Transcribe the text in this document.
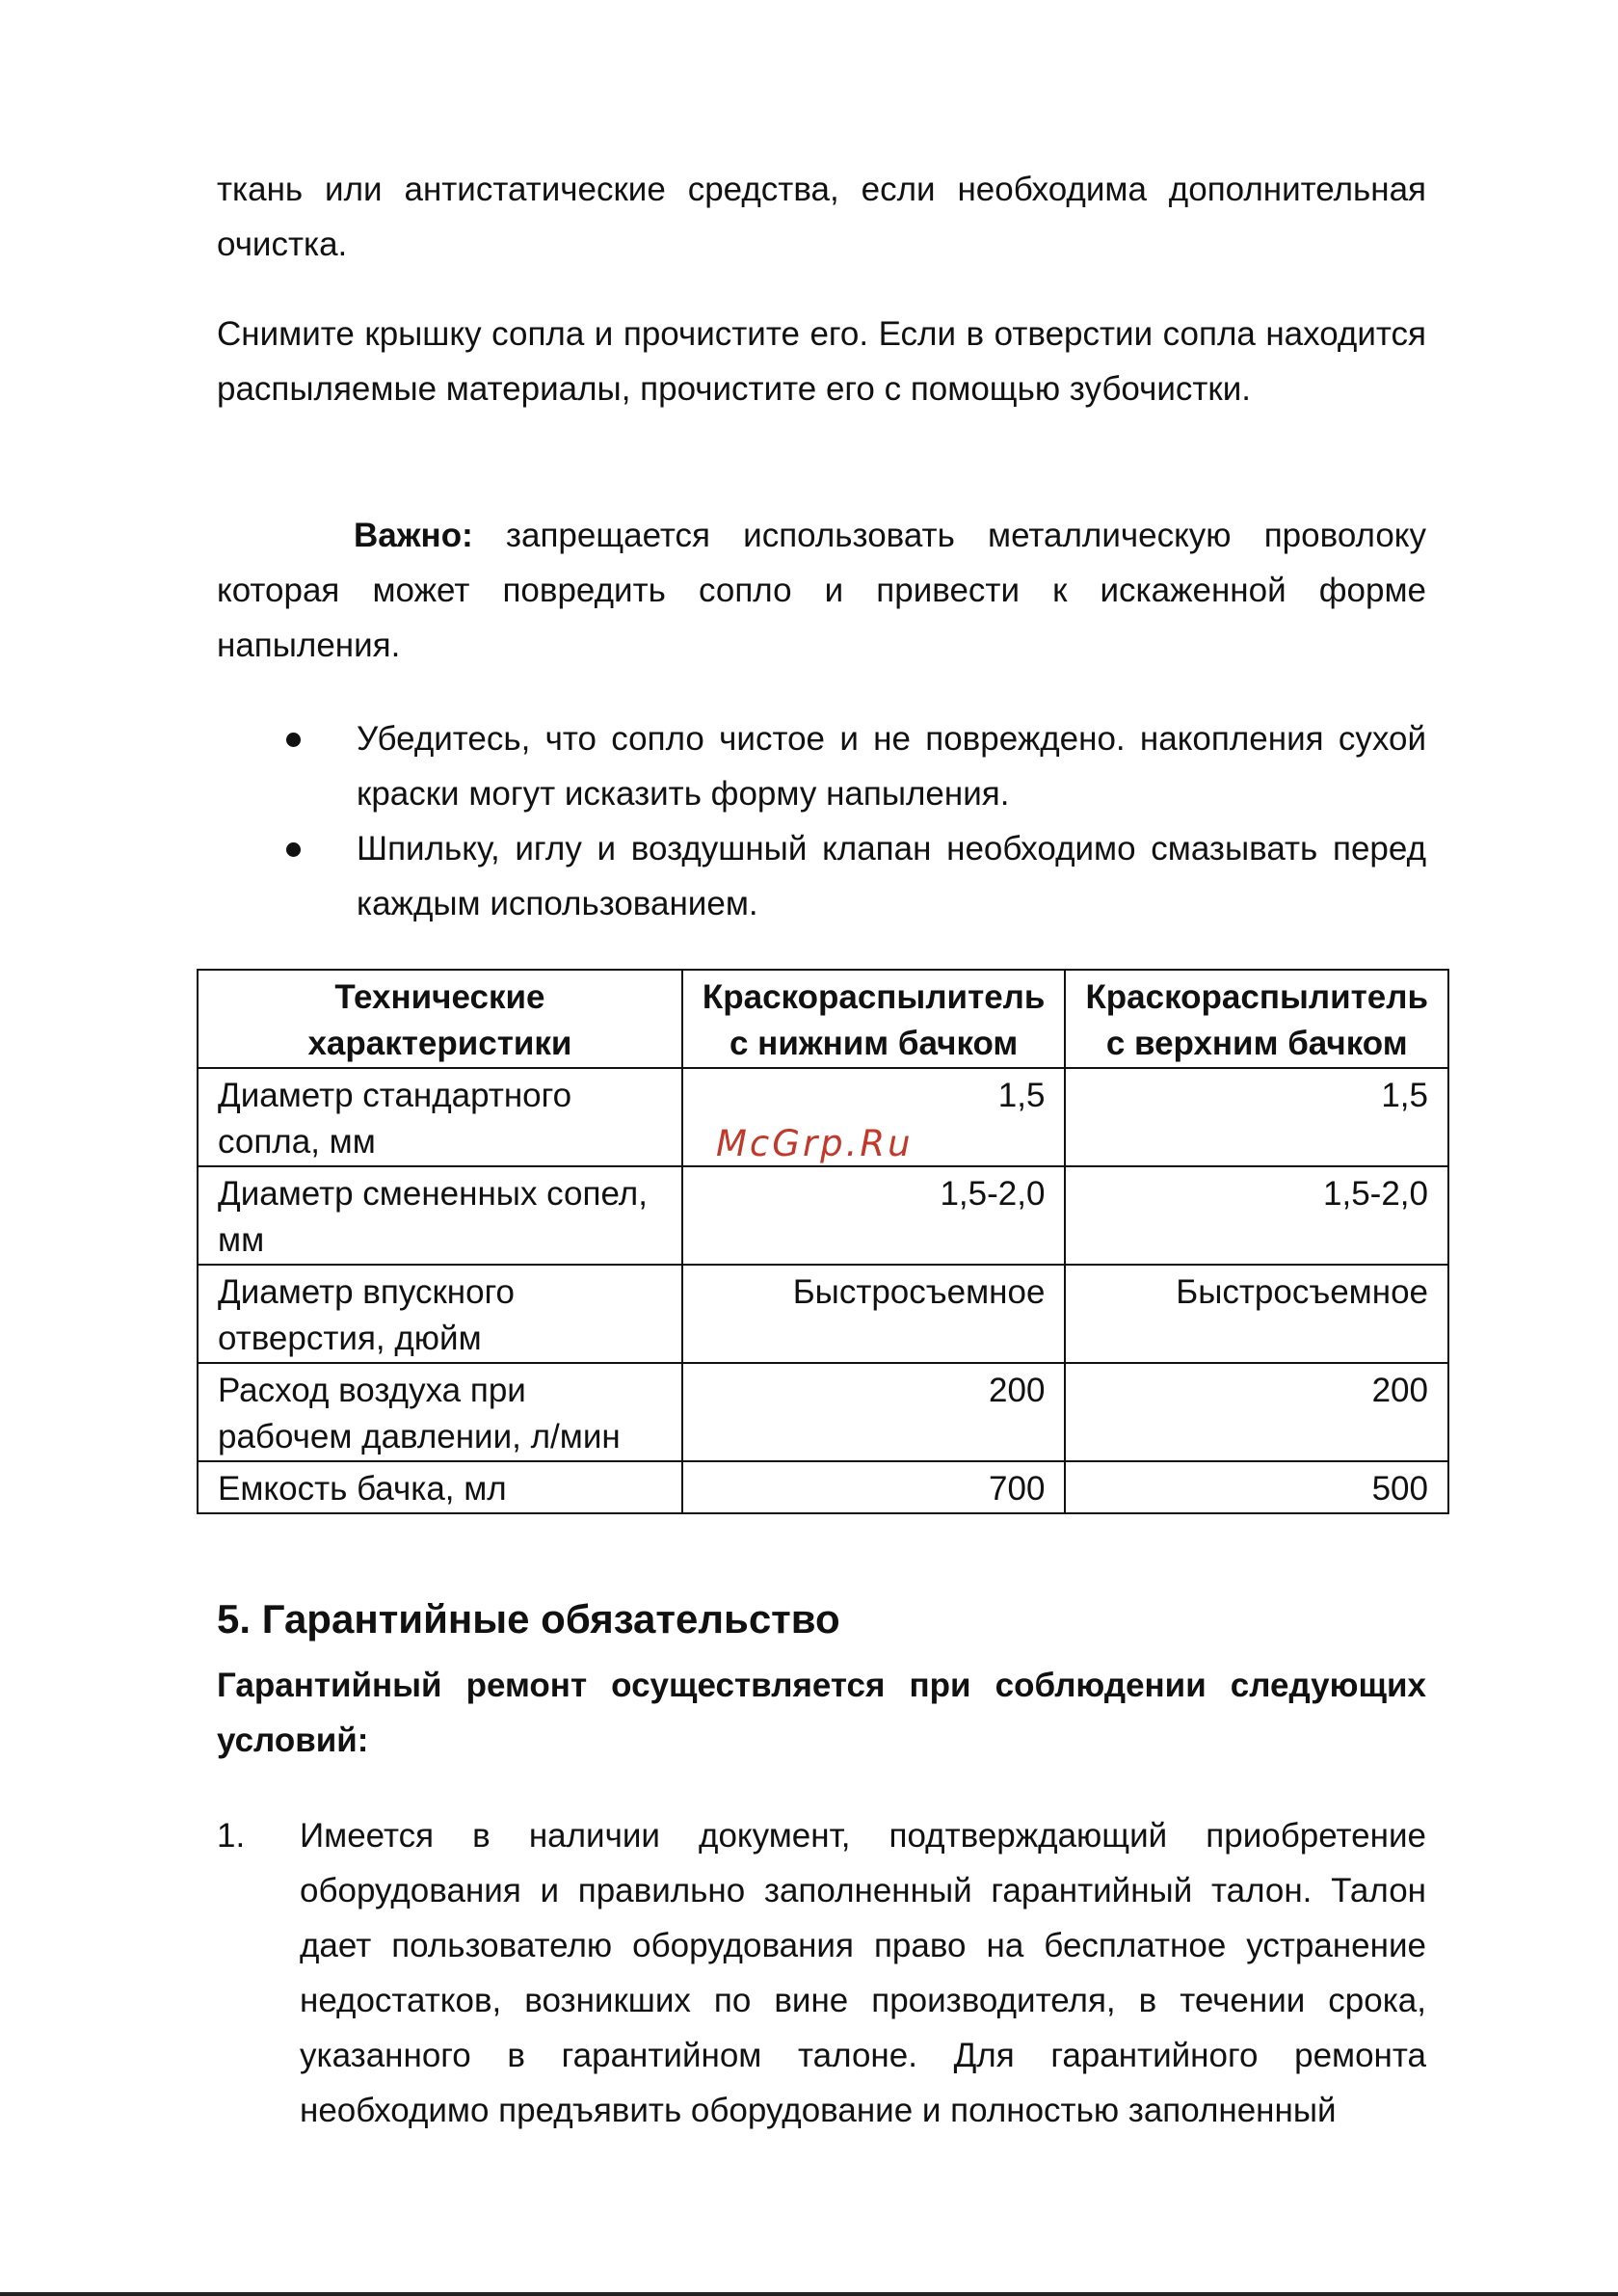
ткань или антистатические средства, если необходима дополнительная очистка.

Снимите крышку сопла и прочистите его. Если в отверстии сопла находится распыляемые материалы, прочистите его с помощью зубочистки.

Важно: запрещается использовать металлическую проволоку которая может повредить сопло и привести к искаженной форме напыления.

Убедитесь, что сопло чистое и не повреждено. накопления сухой краски могут исказить форму напыления.
Шпильку, иглу и воздушный клапан необходимо смазывать перед каждым использованием.
Технические характеристики	Краскораспылитель с нижним бачком	Краскораспылитель с верхним бачком
Диаметр стандартного сопла, мм	1,5	1,5
Диаметр смененных сопел, мм	1,5-2,0	1,5-2,0
Диаметр впускного отверстия, дюйм	Быстросъемное	Быстросъемное
Расход воздуха при рабочем давлении, л/мин	200	200
Емкость бачка, мл	700	500
McGrp.Ru
5. Гарантийные обязательство

Гарантийный ремонт осуществляется при соблюдении следующих условий:

1. Имеется в наличии документ, подтверждающий приобретение оборудования и правильно заполненный гарантийный талон. Талон дает пользователю оборудования право на бесплатное устранение недостатков, возникших по вине производителя, в течении срока, указанного в гарантийном талоне. Для гарантийного ремонта необходимо предъявить оборудование и полностью заполненный
